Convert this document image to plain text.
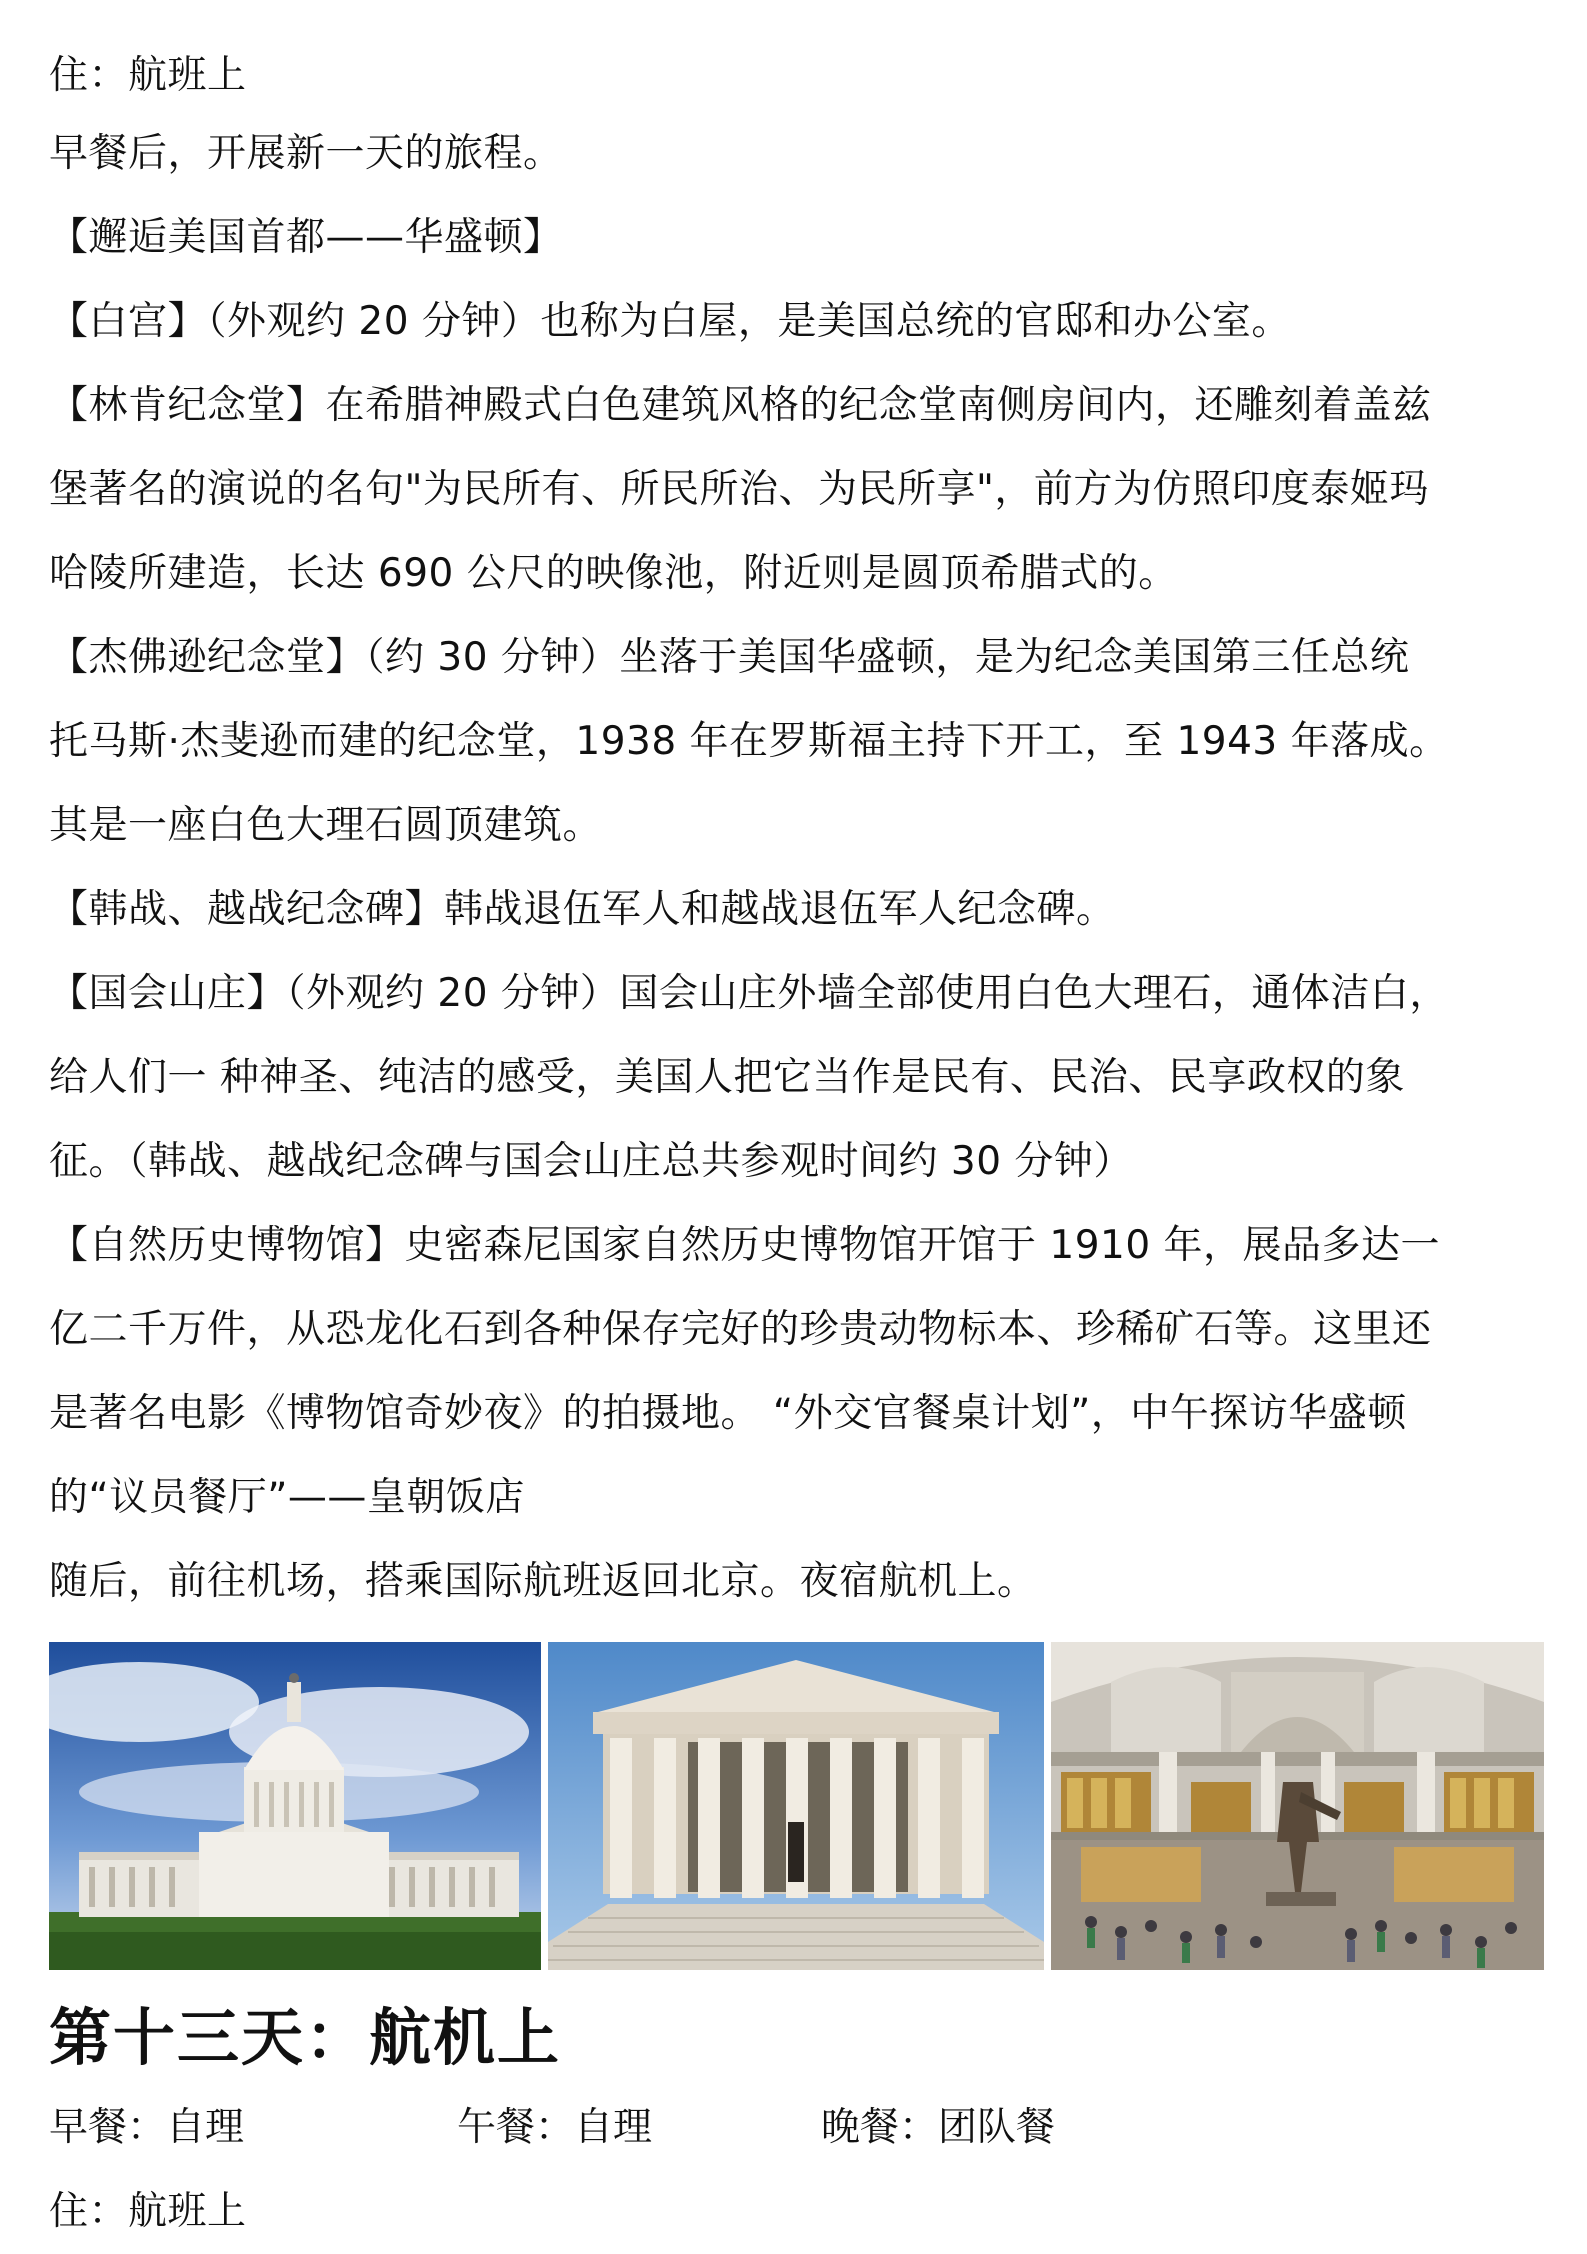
住：航班上
早餐后，开展新一天的旅程。
【邂逅美国首都——华盛顿】
【白宫】（外观约 20 分钟）也称为白屋，是美国总统的官邸和办公室。
【林肯纪念堂】在希腊神殿式白色建筑风格的纪念堂南侧房间内，还雕刻着盖兹
堡著名的演说的名句"为民所有、所民所治、为民所享"，前方为仿照印度泰姬玛
哈陵所建造，长达 690 公尺的映像池，附近则是圆顶希腊式的。
【杰佛逊纪念堂】（约 30 分钟）坐落于美国华盛顿，是为纪念美国第三任总统
托马斯·杰斐逊而建的纪念堂，1938 年在罗斯福主持下开工，至 1943 年落成。
其是一座白色大理石圆顶建筑。
【韩战、越战纪念碑】韩战退伍军人和越战退伍军人纪念碑。
【国会山庄】（外观约 20 分钟）国会山庄外墙全部使用白色大理石，通体洁白，
给人们一 种神圣、纯洁的感受，美国人把它当作是民有、民治、民享政权的象
征。（韩战、越战纪念碑与国会山庄总共参观时间约 30 分钟）
【自然历史博物馆】史密森尼国家自然历史博物馆开馆于 1910 年，展品多达一
亿二千万件，从恐龙化石到各种保存完好的珍贵动物标本、珍稀矿石等。这里还
是著名电影《博物馆奇妙夜》的拍摄地。 “外交官餐桌计划”，中午探访华盛顿
的“议员餐厅”——皇朝饭店
随后，前往机场，搭乘国际航班返回北京。夜宿航机上。
第十三天：航机上
早餐：自理	午餐：自理	晚餐：团队餐
住：航班上
